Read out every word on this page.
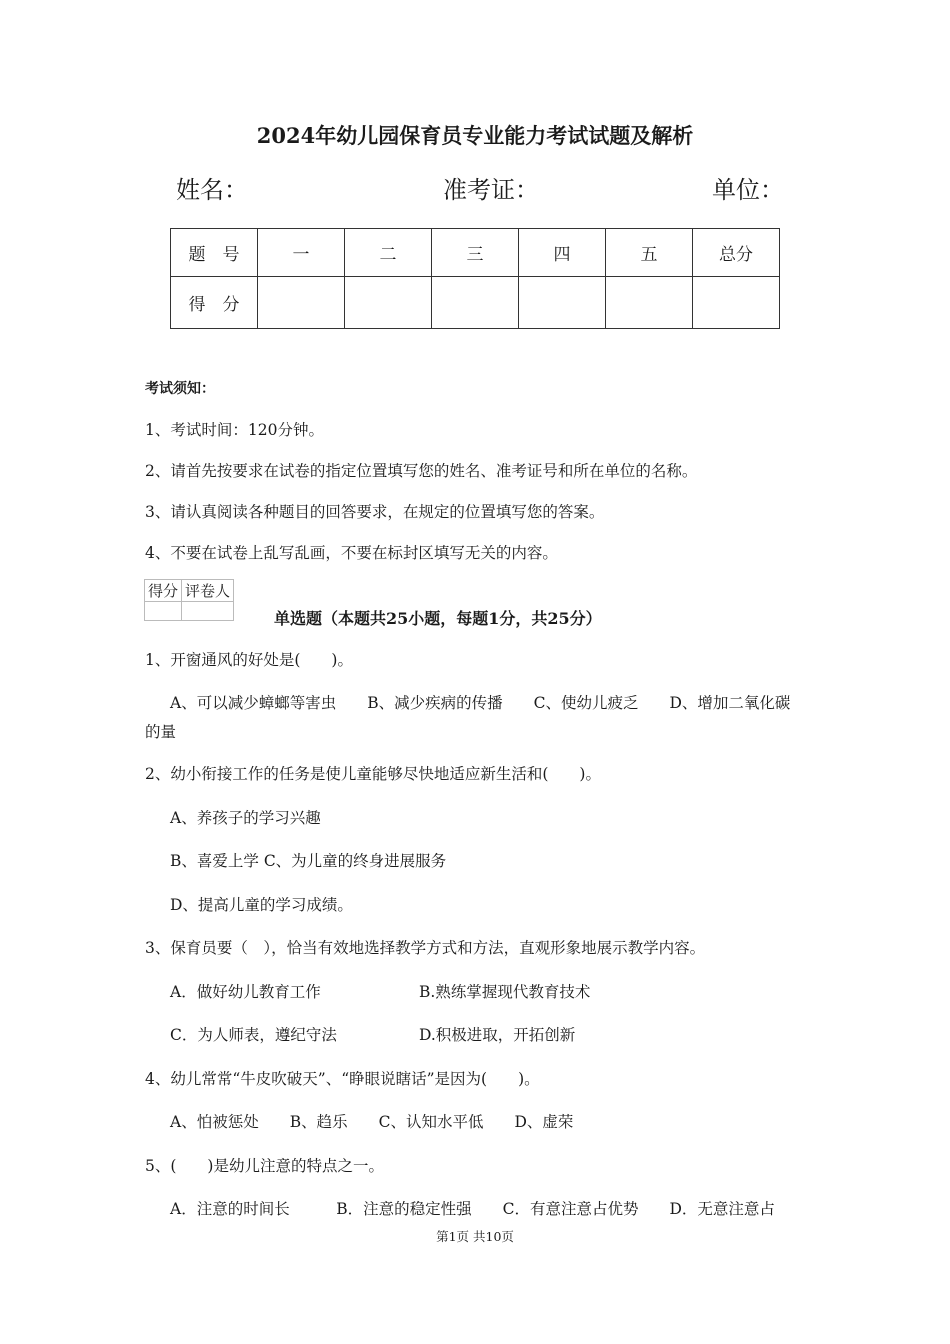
2024年幼儿园保育员专业能力考试试题及解析
姓名：	准考证：	单位：
题　号	一	二	三	四	五	总分
得　分						
考试须知：
1、考试时间：120分钟。
2、请首先按要求在试卷的指定位置填写您的姓名、准考证号和所在单位的名称。
3、请认真阅读各种题目的回答要求，在规定的位置填写您的答案。
4、不要在试卷上乱写乱画，不要在标封区填写无关的内容。
得分	评卷人

单选题（本题共25小题，每题1分，共25分）
1、开窗通风的好处是(　　)。
A、可以减少蟑螂等害虫　　B、减少疾病的传播　　C、使幼儿疲乏　　D、增加二氧化碳
的量
2、幼小衔接工作的任务是使儿童能够尽快地适应新生活和(　　)。
A、养孩子的学习兴趣
B、喜爱上学 C、为儿童的终身进展服务
D、提高儿童的学习成绩。
3、保育员要（　），恰当有效地选择教学方式和方法，直观形象地展示教学内容。
A．做好幼儿教育工作	B.熟练掌握现代教育技术
C．为人师表，遵纪守法	D.积极进取，开拓创新
4、幼儿常常“牛皮吹破天”、“睁眼说瞎话”是因为(　　)。
A、怕被惩处　　B、趋乐　　C、认知水平低　　D、虚荣
5、(　　)是幼儿注意的特点之一。
A．注意的时间长　　　B．注意的稳定性强　　C．有意注意占优势　　D．无意注意占
第1页 共10页
